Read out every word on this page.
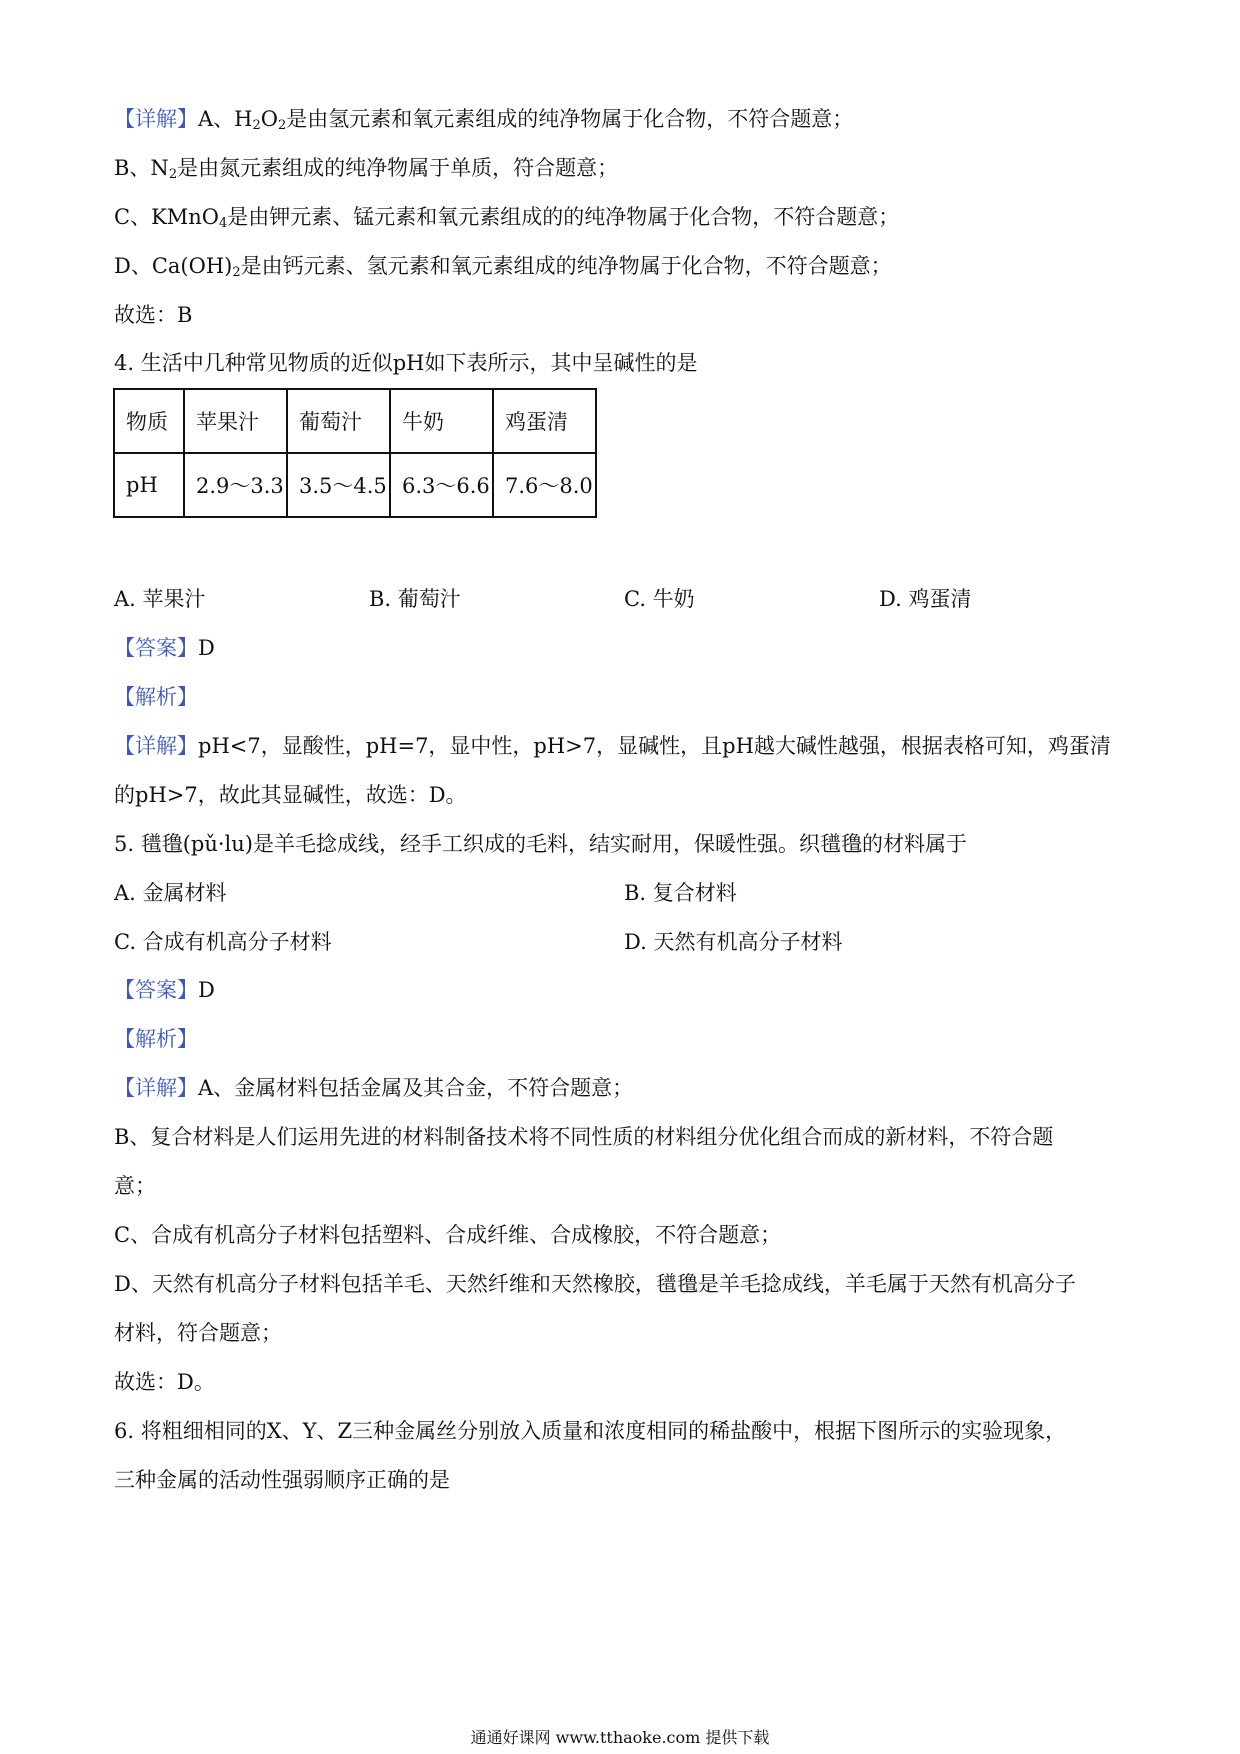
【详解】A、$H_2O_2$是由氢元素和氧元素组成的纯净物属于化合物，不符合题意；
B、$N_2$是由氮元素组成的纯净物属于单质，符合题意；
C、KMnO$_4$是由钾元素、锰元素和氧元素组成的的纯净物属于化合物，不符合题意；
D、$Ca(OH)_2$是由钙元素、氢元素和氧元素组成的纯净物属于化合物，不符合题意；
故选：B
4. 生活中几种常见物质的近似pH如下表所示，其中呈碱性的是
物质	苹果汁	葡萄汁	牛奶	鸡蛋清
pH	2.9～3.3	3.5～4.5	6.3～6.6	7.6～8.0
A. 苹果汁	B. 葡萄汁	C. 牛奶	D. 鸡蛋清
【答案】D
【解析】
【详解】pH<7，显酸性，pH=7，显中性，pH>7，显碱性，且pH越大碱性越强，根据表格可知，鸡蛋清
的pH>7，故此其显碱性，故选：D。
5. 氆氇(pǔ·lu)是羊毛捻成线，经手工织成的毛料，结实耐用，保暖性强。织氆氇的材料属于
A. 金属材料	B. 复合材料
C. 合成有机高分子材料	D. 天然有机高分子材料
【答案】D
【解析】
【详解】A、金属材料包括金属及其合金，不符合题意；
B、复合材料是人们运用先进的材料制备技术将不同性质的材料组分优化组合而成的新材料，不符合题
意；
C、合成有机高分子材料包括塑料、合成纤维、合成橡胶，不符合题意；
D、天然有机高分子材料包括羊毛、天然纤维和天然橡胶，氆氇是羊毛捻成线，羊毛属于天然有机高分子
材料，符合题意；
故选：D。
6. 将粗细相同的X、Y、Z三种金属丝分别放入质量和浓度相同的稀盐酸中，根据下图所示的实验现象，
三种金属的活动性强弱顺序正确的是
通通好课网 www.tthaoke.com 提供下载
